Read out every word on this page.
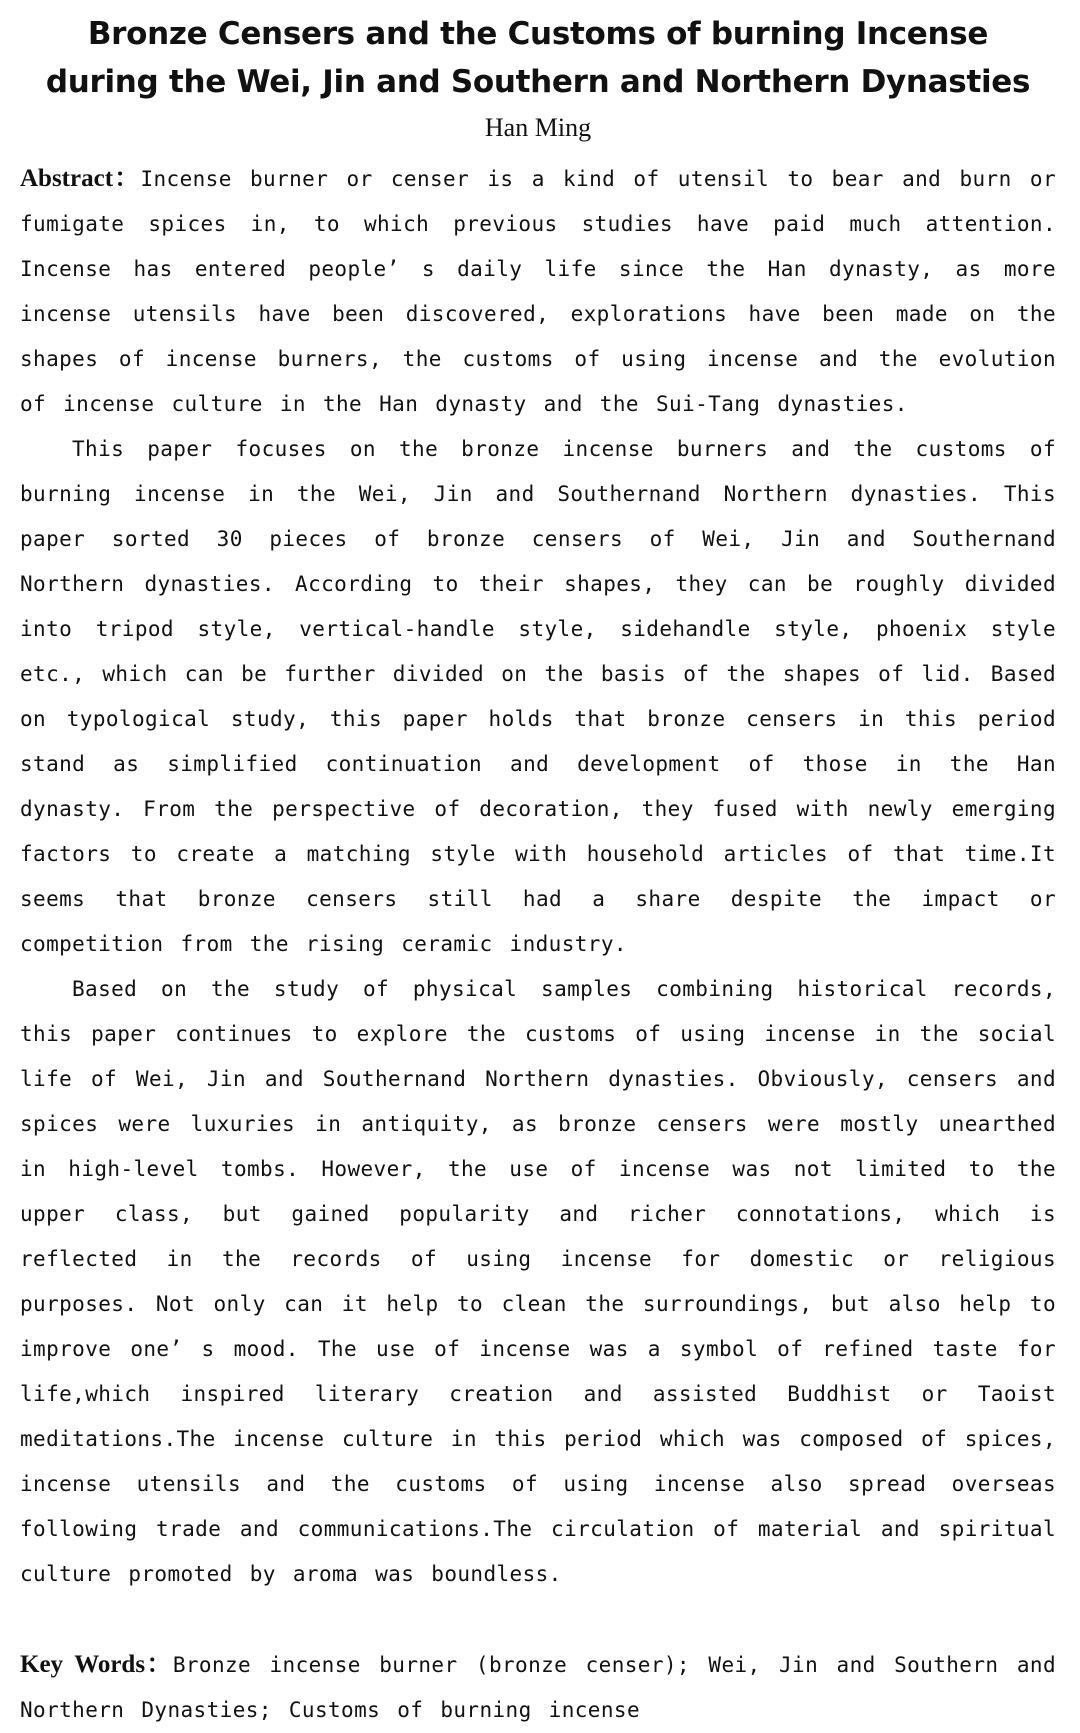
Bronze Censers and the Customs of burning Incense
during the Wei, Jin and Southern and Northern Dynasties
Han Ming

Abstract：Incense burner or censer is a kind of utensil to bear and burn or fumigate spices in, to which previous studies have paid much attention. Incense has entered people’ s daily life since the Han dynasty, as more incense utensils have been discovered, explorations have been made on the shapes of incense burners, the customs of using incense and the evolution of incense culture in the Han dynasty and the Sui-Tang dynasties.

This paper focuses on the bronze incense burners and the customs of burning incense in the Wei, Jin and Southernand Northern dynasties. This paper sorted 30 pieces of bronze censers of Wei, Jin and Southernand Northern dynasties. According to their shapes, they can be roughly divided into tripod style, vertical-handle style, sidehandle style, phoenix style etc., which can be further divided on the basis of the shapes of lid. Based on typological study, this paper holds that bronze censers in this period stand as simplified continuation and development of those in the Han dynasty. From the perspective of decoration, they fused with newly emerging factors to create a matching style with household articles of that time.It seems that bronze censers still had a share despite the impact or competition from the rising ceramic industry.

Based on the study of physical samples combining historical records, this paper continues to explore the customs of using incense in the social life of Wei, Jin and Southernand Northern dynasties. Obviously, censers and spices were luxuries in antiquity, as bronze censers were mostly unearthed in high-level tombs. However, the use of incense was not limited to the upper class, but gained popularity and richer connotations, which is reflected in the records of using incense for domestic or religious purposes. Not only can it help to clean the surroundings, but also help to improve one’ s mood. The use of incense was a symbol of refined taste for life,which inspired literary creation and assisted Buddhist or Taoist meditations.The incense culture in this period which was composed of spices, incense utensils and the customs of using incense also spread overseas following trade and communications.The circulation of material and spiritual culture promoted by aroma was boundless.

Key Words：Bronze incense burner (bronze censer); Wei, Jin and Southern and Northern Dynasties; Customs of burning incense
